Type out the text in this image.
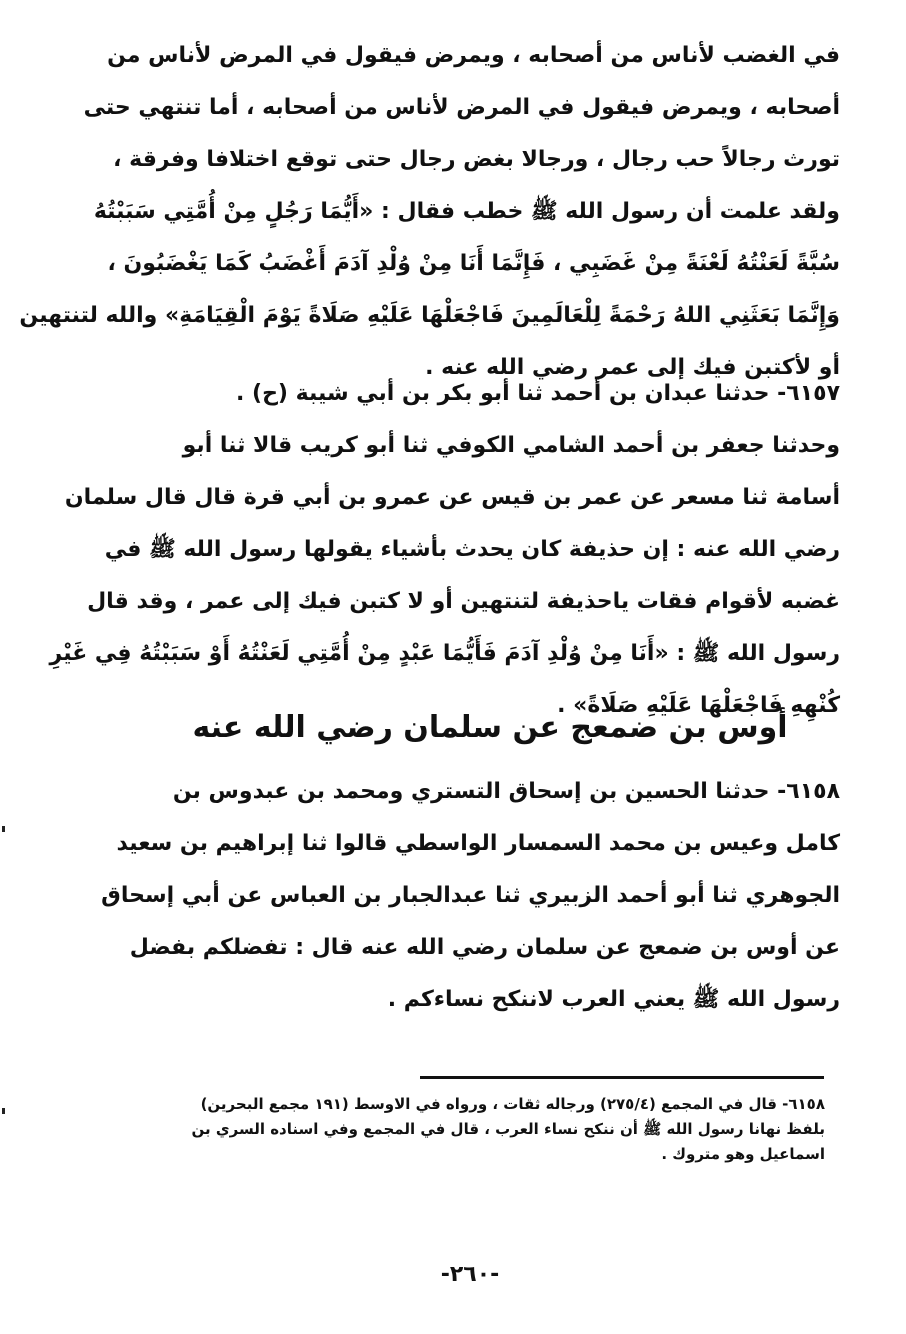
في الغضب لأناس من أصحابه ، ويمرض فيقول في المرض لأناس من
أصحابه ، ويمرض فيقول في المرض لأناس من أصحابه ، أما تنتهي حتى
تورث رجالاً حب رجال ، ورجالا بغض رجال حتى توقع اختلافا وفرقة ،
ولقد علمت أن رسول الله ﷺ خطب فقال : «أَيُّمَا رَجُلٍ مِنْ أُمَّتِي سَبَبْتُهُ
سُبَّةً لَعَنْتُهُ لَعْنَةً مِنْ غَضَبِي ، فَإِنَّمَا أَنَا مِنْ وُلْدِ آدَمَ أَغْضَبُ كَمَا يَغْضَبُونَ ،
وَإِنَّمَا بَعَثَنِي اللهُ رَحْمَةً لِلْعَالَمِينَ فَاجْعَلْهَا عَلَيْهِ صَلَاةً يَوْمَ الْقِيَامَةِ» والله لتنتهين
أو لأكتبن فيك إلى عمر رضي الله عنه .
٦١٥٧- حدثنا عبدان بن أحمد ثنا أبو بكر بن أبي شيبة (ح) .
وحدثنا جعفر بن أحمد الشامي الكوفي ثنا أبو كريب قالا ثنا أبو
أسامة ثنا مسعر عن عمر بن قيس عن عمرو بن أبي قرة قال قال سلمان
رضي الله عنه : إن حذيفة كان يحدث بأشياء يقولها رسول الله ﷺ في
غضبه لأقوام فقات ياحذيفة لتنتهين أو لا كتبن فيك إلى عمر ، وقد قال
رسول الله ﷺ : «أَنَا مِنْ وُلْدِ آدَمَ فَأَيُّمَا عَبْدٍ مِنْ أُمَّتِي لَعَنْتُهُ أَوْ سَبَبْتُهُ فِي غَيْرِ
كُنْهِهِ فَاجْعَلْهَا عَلَيْهِ صَلَاةً» .
أوس بن ضمعج عن سلمان رضي الله عنه
٦١٥٨- حدثنا الحسين بن إسحاق التستري ومحمد بن عبدوس بن
كامل وعيس بن محمد السمسار الواسطي قالوا ثنا إبراهيم بن سعيد
الجوهري ثنا أبو أحمد الزبيري ثنا عبدالجبار بن العباس عن أبي إسحاق
عن أوس بن ضمعج عن سلمان رضي الله عنه قال : تفضلكم بفضل
رسول الله ﷺ يعني العرب لاننكح نساءكم .
٦١٥٨- قال في المجمع (٢٧٥/٤) ورجاله ثقات ، ورواه في الاوسط (١٩١ مجمع البحرين)
بلفظ نهانا رسول الله ﷺ أن ننكح نساء العرب ، قال في المجمع وفي اسناده السري بن
اسماعيل وهو متروك .
-٢٦٠-
